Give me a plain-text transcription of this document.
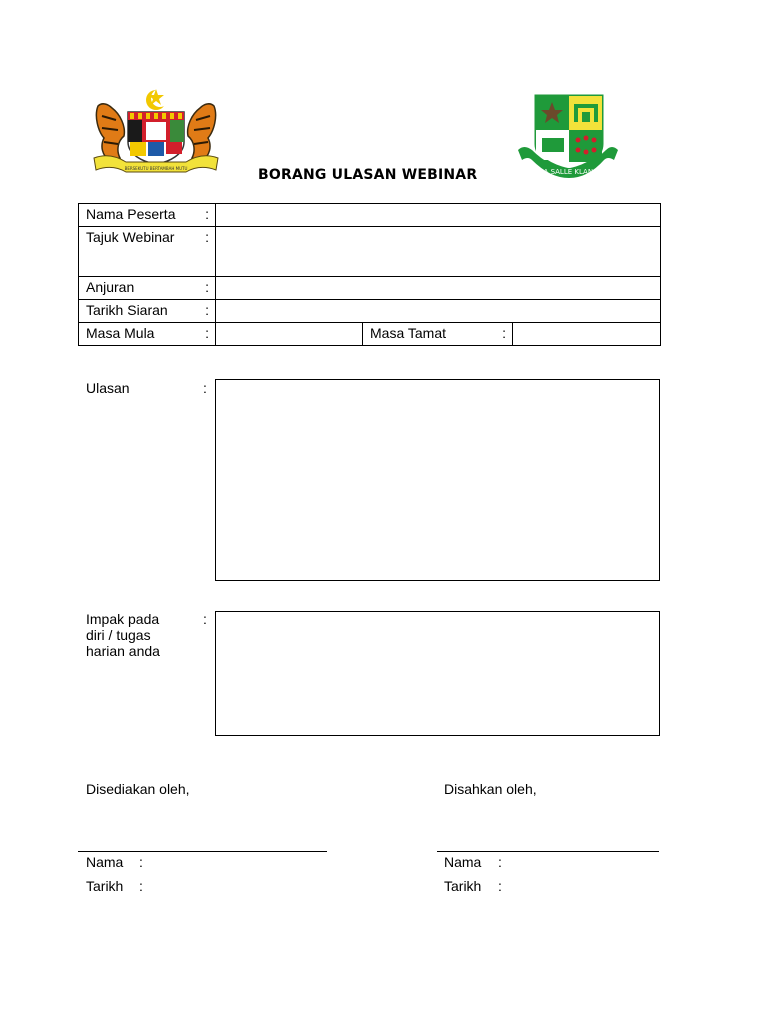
BERSEKUTU BERTAMBAH MUTU	BORANG ULASAN WEBINAR	LA SALLE KLANG
Nama Peserta :			

Tajuk Webinar :			

Anjuran :			

Tarikh Siaran :			

Masa Mula :		Masa Tamat :	

Ulasan	:
Impak pada
diri / tugas
harian anda
:
Disediakan oleh,
Nama :
Tarikh :
Disahkan oleh,
Nama :
Tarikh :
